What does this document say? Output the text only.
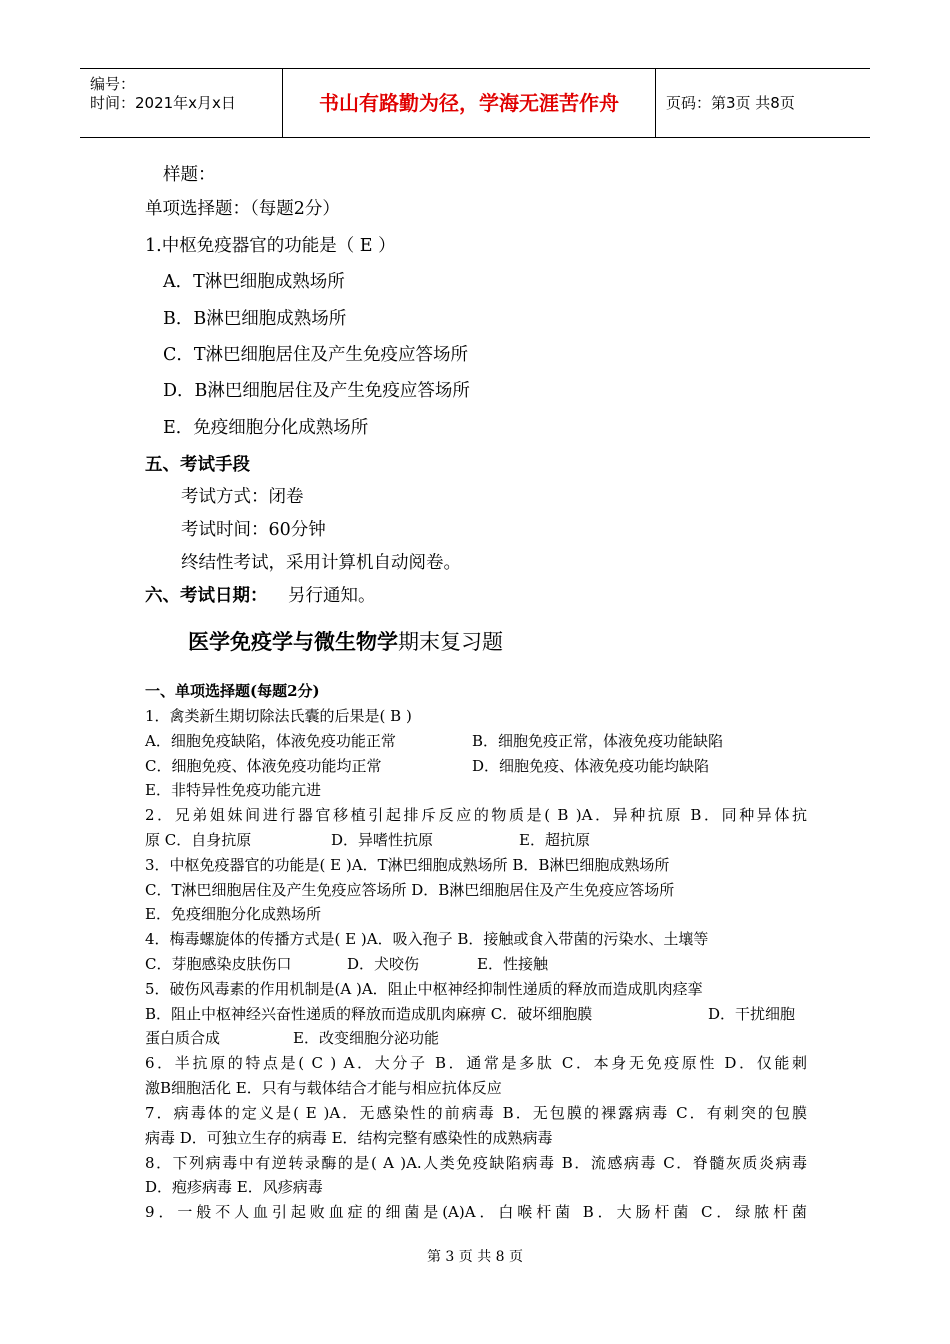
编号：
时间：2021年x月x日	书山有路勤为径，学海无涯苦作舟	页码：第3页 共8页
样题：
单项选择题：（每题2分）
1.中枢免疫器官的功能是（ E ）
A．T淋巴细胞成熟场所
B．B淋巴细胞成熟场所
C．T淋巴细胞居住及产生免疫应答场所
D．B淋巴细胞居住及产生免疫应答场所
E．免疫细胞分化成熟场所
五、考试手段
考试方式：闭卷
考试时间：60分钟
终结性考试，采用计算机自动阅卷。
六、考试日期： 另行通知。
医学免疫学与微生物学期末复习题
一、单项选择题(每题2分)
1．禽类新生期切除法氏囊的后果是( B )
A．细胞免疫缺陷，体液免疫功能正常	B．细胞免疫正常，体液免疫功能缺陷
C．细胞免疫、体液免疫功能均正常	D．细胞免疫、体液免疫功能均缺陷
E．非特异性免疫功能亢进
2．兄弟姐妹间进行器官移植引起排斥反应的物质是( B )A．异种抗原 B．同种异体抗
原 C．自身抗原	D．异嗜性抗原	E．超抗原
3．中枢免疫器官的功能是( E )A．T淋巴细胞成熟场所 B．B淋巴细胞成熟场所
C．T淋巴细胞居住及产生免疫应答场所 D．B淋巴细胞居住及产生免疫应答场所
E．免疫细胞分化成熟场所
4．梅毒螺旋体的传播方式是( E )A．吸入孢子 B．接触或食入带菌的污染水、土壤等
C．芽胞感染皮肤伤口	D．犬咬伤	E．性接触
5．破伤风毒素的作用机制是(A )A．阻止中枢神经抑制性递质的释放而造成肌肉痉挛
B．阻止中枢神经兴奋性递质的释放而造成肌肉麻痹 C．破坏细胞膜	D．干扰细胞
蛋白质合成	E．改变细胞分泌功能
6．半抗原的特点是( C ) A．大分子 B．通常是多肽 C．本身无免疫原性 D．仅能刺
激B细胞活化 E．只有与载体结合才能与相应抗体反应
7．病毒体的定义是( E )A．无感染性的前病毒 B．无包膜的裸露病毒 C．有刺突的包膜
病毒 D．可独立生存的病毒 E．结构完整有感染性的成熟病毒
8．下列病毒中有逆转录酶的是( A )A.人类免疫缺陷病毒 B．流感病毒 C．脊髓灰质炎病毒
D．疱疹病毒 E．风疹病毒
9．一般不人血引起败血症的细菌是(A)A．白喉杆菌 B．大肠杆菌 C．绿脓杆菌
第 3 页 共 8 页
